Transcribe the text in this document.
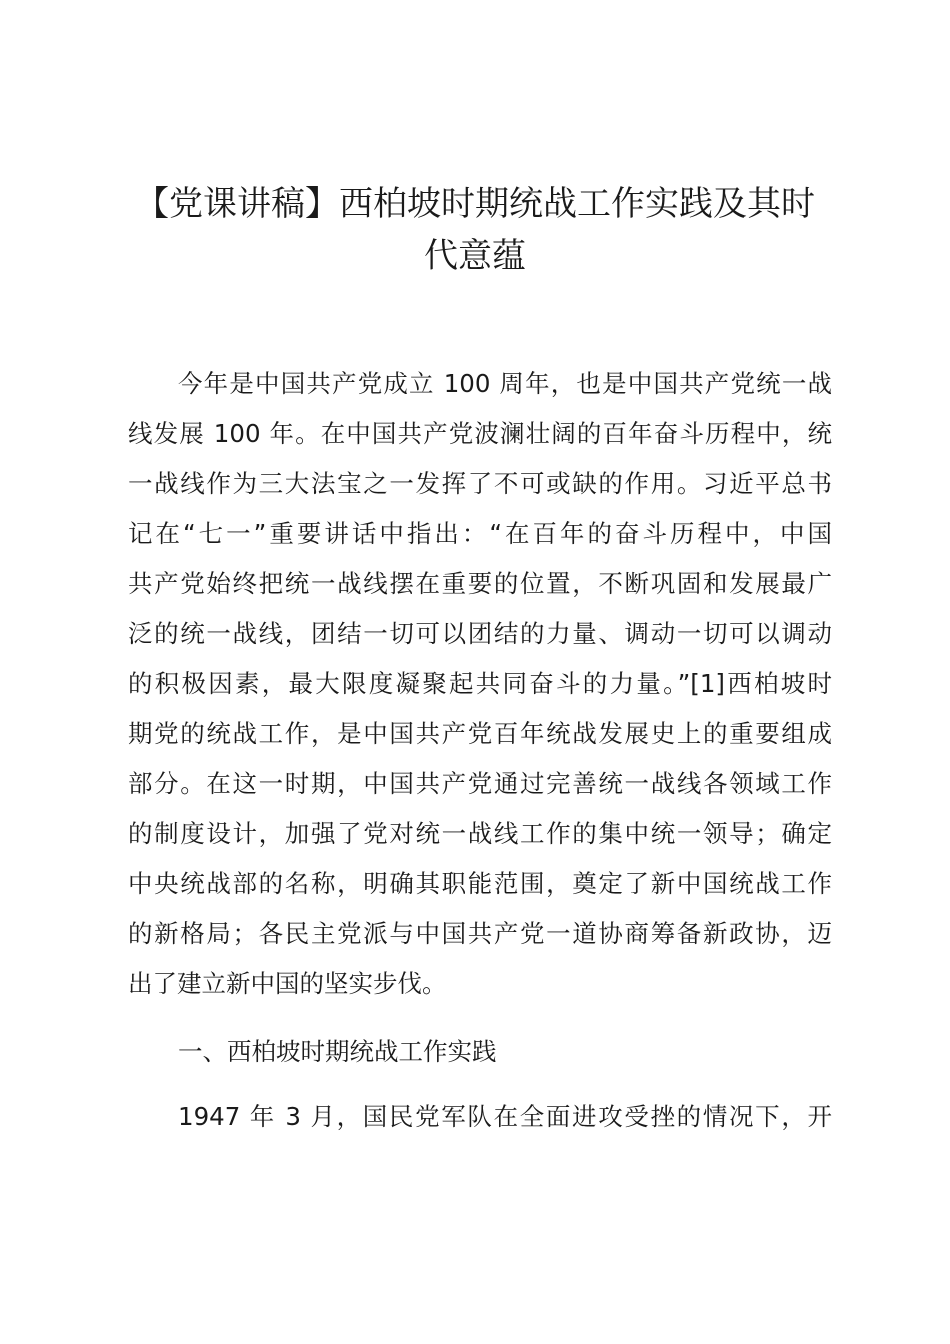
【党课讲稿】西柏坡时期统战工作实践及其时
代意蕴

今年是中国共产党成立 100 周年，也是中国共产党统一战

线发展 100 年。在中国共产党波澜壮阔的百年奋斗历程中，统

一战线作为三大法宝之一发挥了不可或缺的作用。习近平总书

记在“七一”重要讲话中指出：“在百年的奋斗历程中，中国

共产党始终把统一战线摆在重要的位置，不断巩固和发展最广

泛的统一战线，团结一切可以团结的力量、调动一切可以调动

的积极因素，最大限度凝聚起共同奋斗的力量。”[1]西柏坡时

期党的统战工作，是中国共产党百年统战发展史上的重要组成

部分。在这一时期，中国共产党通过完善统一战线各领域工作

的制度设计，加强了党对统一战线工作的集中统一领导；确定

中央统战部的名称，明确其职能范围，奠定了新中国统战工作

的新格局；各民主党派与中国共产党一道协商筹备新政协，迈

出了建立新中国的坚实步伐。

一、西柏坡时期统战工作实践

1947 年 3 月，国民党军队在全面进攻受挫的情况下，开
